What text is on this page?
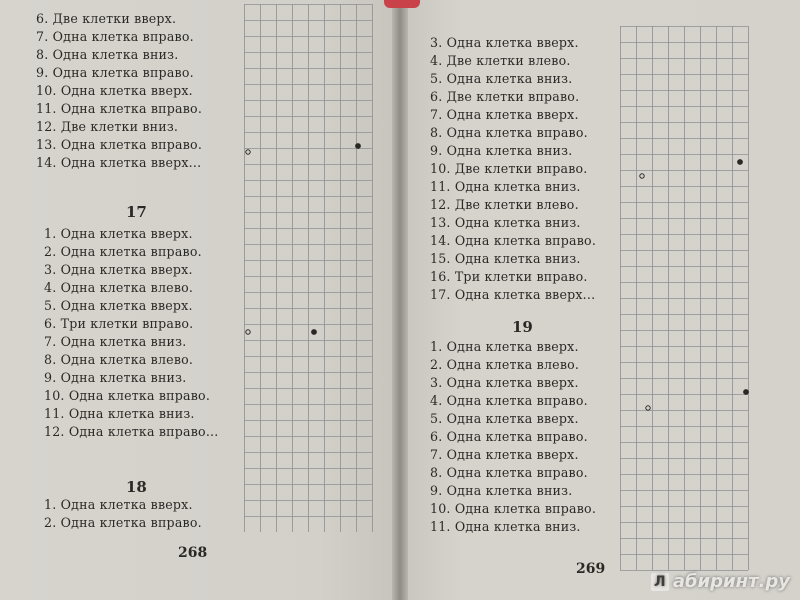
6. Две клетки вверх.
7. Одна клетка вправо.
8. Одна клетка вниз.
9. Одна клетка вправо.
10. Одна клетка вверх.
11. Одна клетка вправо.
12. Две клетки вниз.
13. Одна клетка вправо.
14. Одна клетка вверх...
1. Одна клетка вверх.
2. Одна клетка вправо.
3. Одна клетка вверх.
4. Одна клетка влево.
5. Одна клетка вверх.
6. Три клетки вправо.
7. Одна клетка вниз.
8. Одна клетка влево.
9. Одна клетка вниз.
10. Одна клетка вправо.
11. Одна клетка вниз.
12. Одна клетка вправо...
1. Одна клетка вверх.
2. Одна клетка вправо.
17
18
268
3. Одна клетка вверх.
4. Две клетки влево.
5. Одна клетка вниз.
6. Две клетки вправо.
7. Одна клетка вверх.
8. Одна клетка вправо.
9. Одна клетка вниз.
10. Две клетки вправо.
11. Одна клетка вниз.
12. Две клетки влево.
13. Одна клетка вниз.
14. Одна клетка вправо.
15. Одна клетка вниз.
16. Три клетки вправо.
17. Одна клетка вверх...
1. Одна клетка вверх.
2. Одна клетка влево.
3. Одна клетка вверх.
4. Одна клетка вправо.
5. Одна клетка вверх.
6. Одна клетка вправо.
7. Одна клетка вверх.
8. Одна клетка вправо.
9. Одна клетка вниз.
10. Одна клетка вправо.
11. Одна клетка вниз.
19
269
Л абиринт.ру
